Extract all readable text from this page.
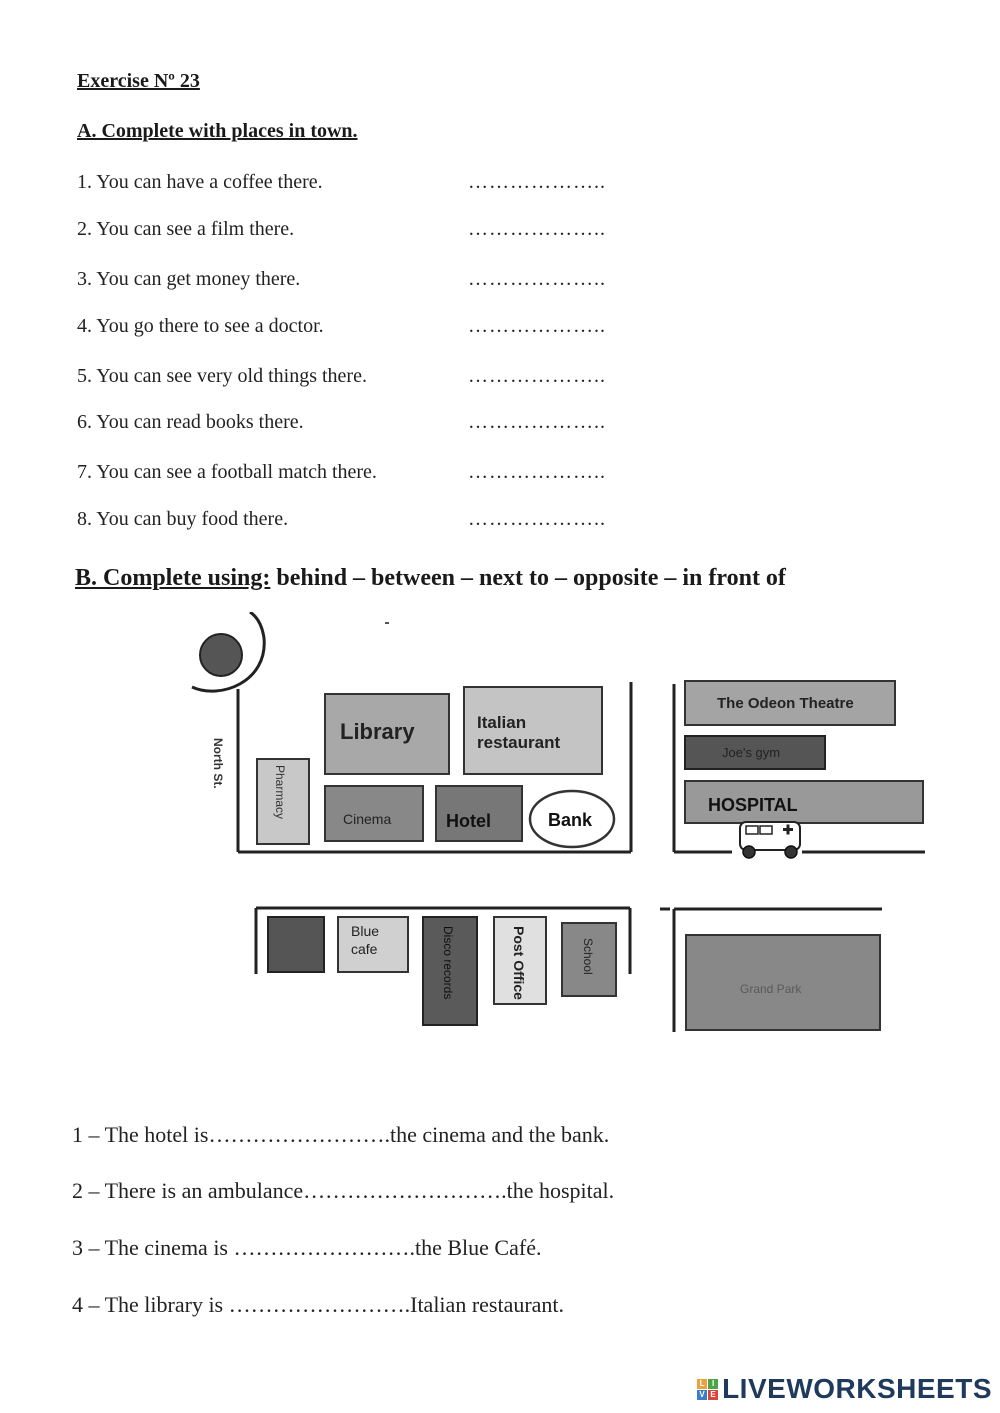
Exercise Nº 23
A. Complete with places in town.
1. You can have a coffee there.	………………..
2. You can see a film there.	………………..
3. You can get money there.	………………..
4. You go there to see a doctor.	………………..
5. You can see very old things there.	………………..
6. You can read books there.	………………..
7. You can see a football match there.	………………..
8. You can buy food there.	………………..
B. Complete using: behind – between – next to – opposite – in front of
North St.
Pharmacy
Library	Italian
restaurant
Cinema	Hotel	Bank
The Odeon Theatre
Joe's gym
HOSPITAL
Blue
cafe	Disco records	Post Office	School
Grand Park
1 – The hotel is…………………….the cinema and the bank.
2 – There is an ambulance……………………….the hospital.
3 – The cinema is …………………….the Blue Café.
4 – The library is …………………….Italian restaurant.
L I
V E LIVEWORKSHEETS
